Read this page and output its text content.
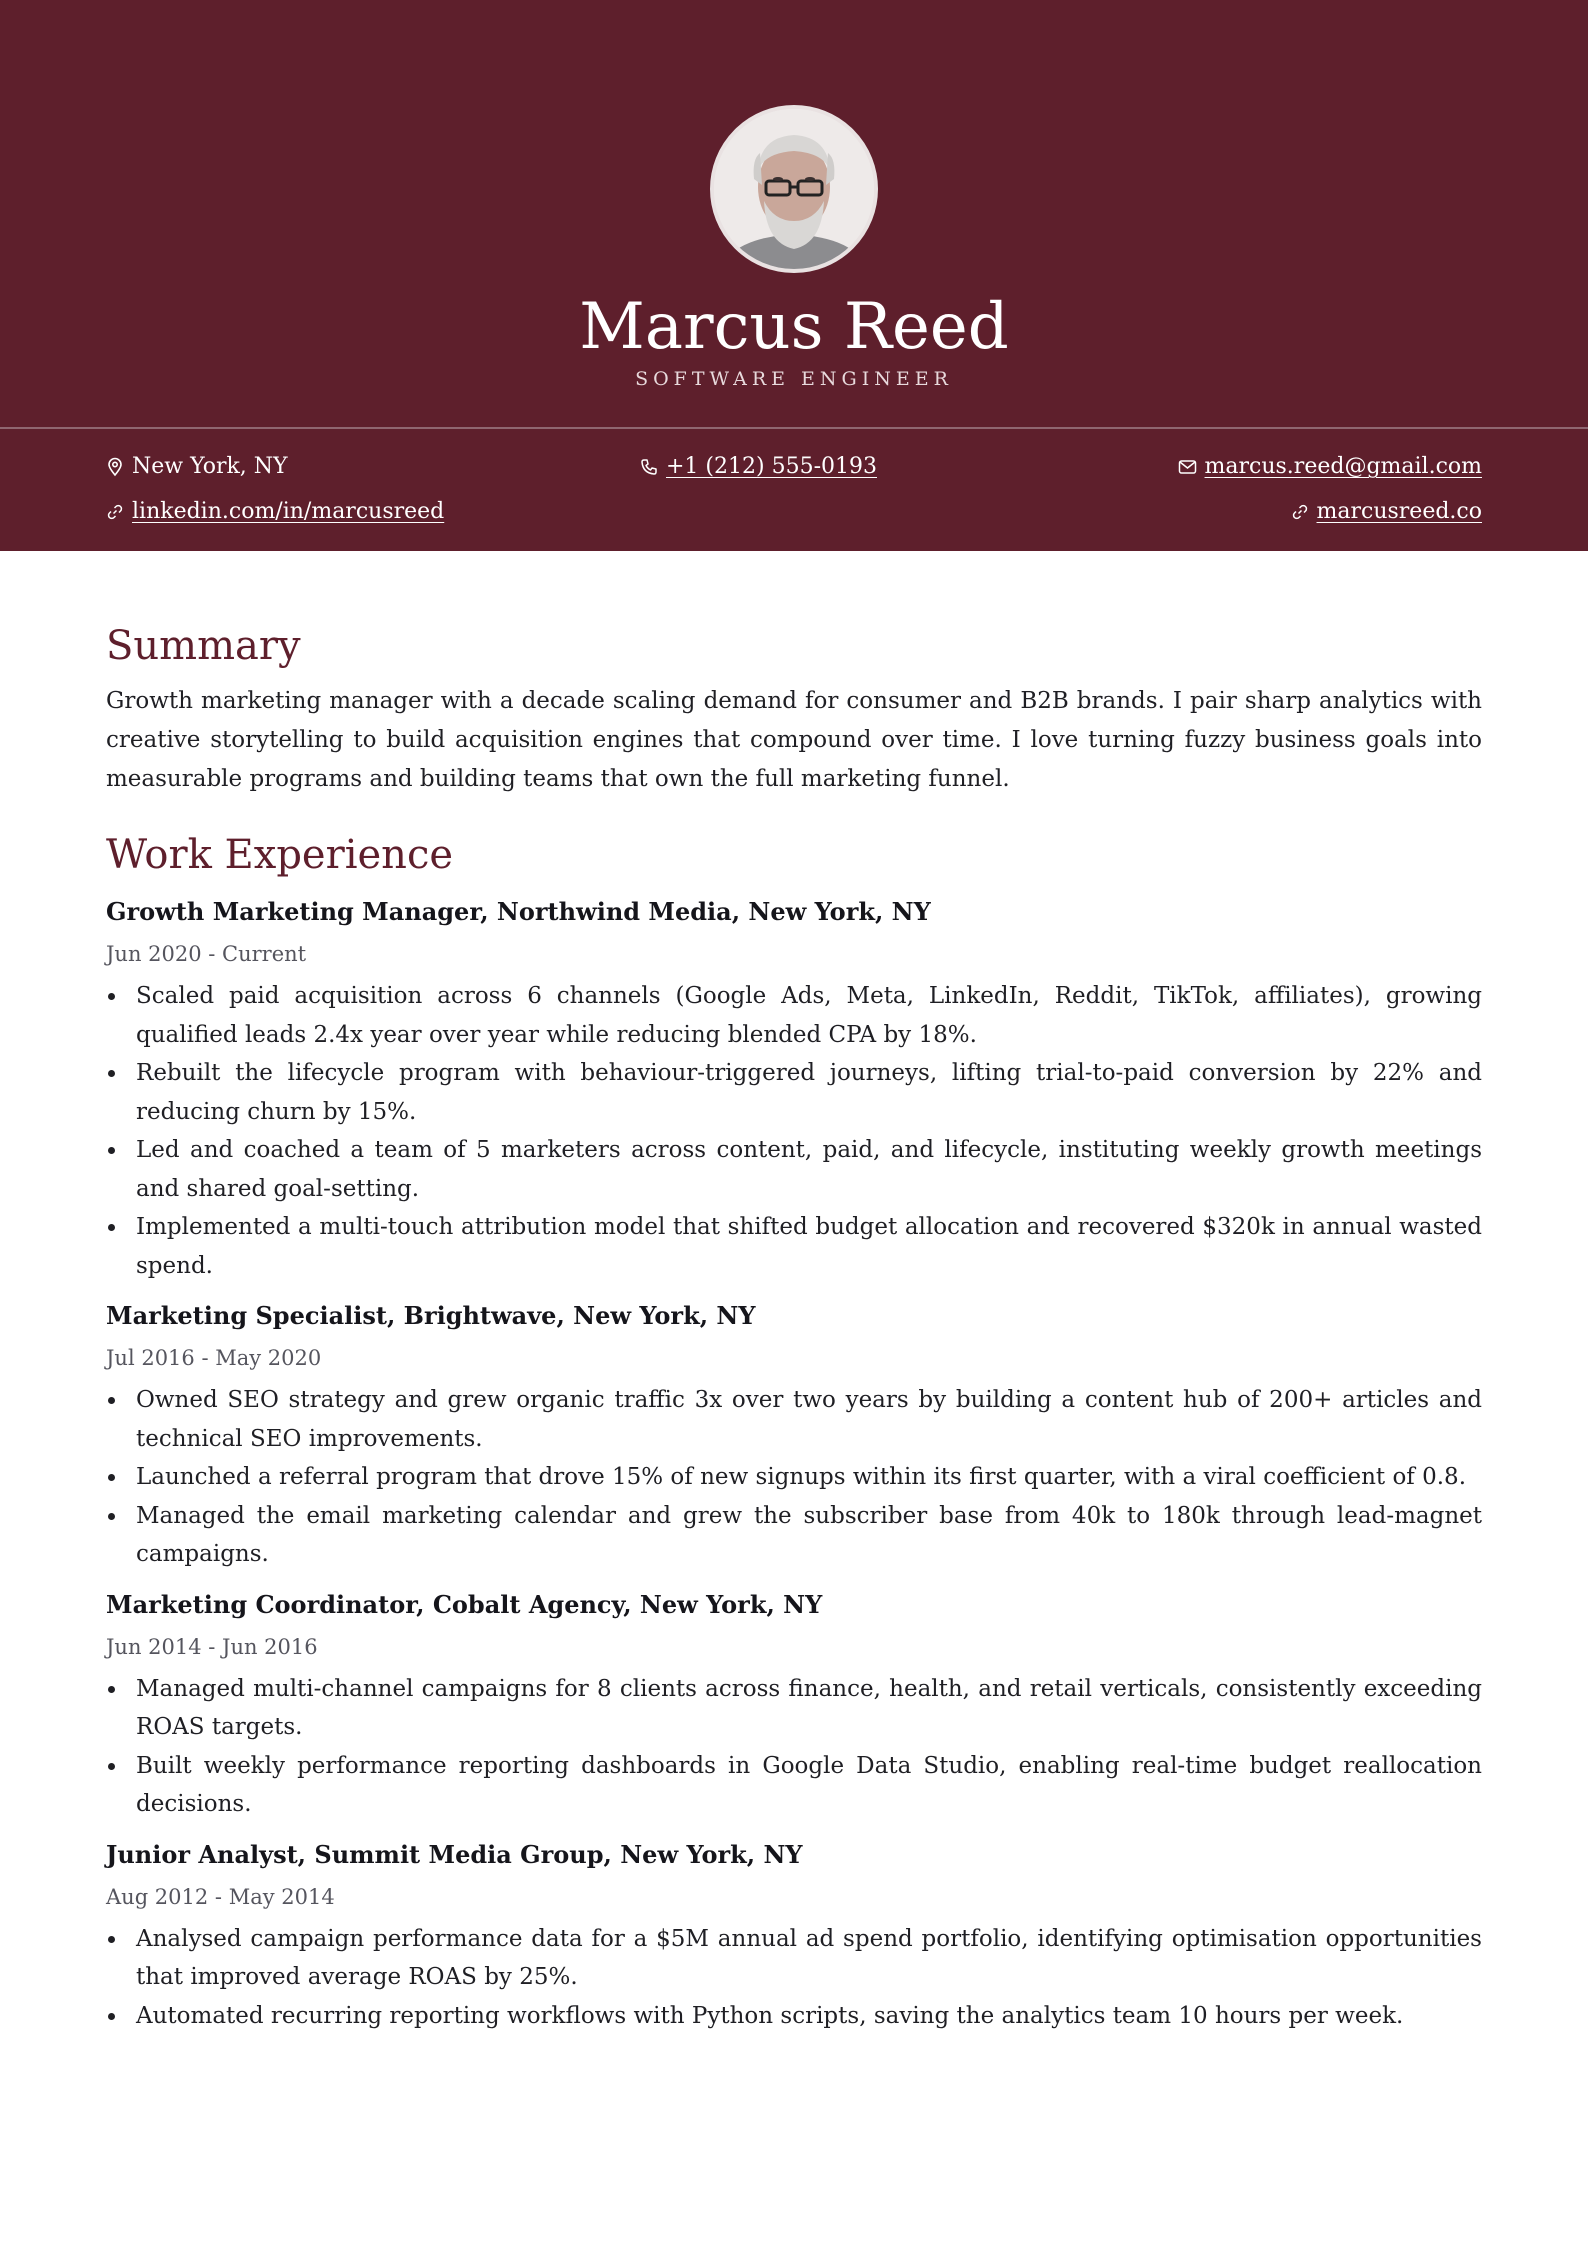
Marcus Reed
SOFTWARE ENGINEER
New York, NY	+1 (212) 555-0193	marcus.reed@gmail.com
linkedin.com/in/marcusreed	marcusreed.co
Summary

Growth marketing manager with a decade scaling demand for consumer and B2B brands. I pair sharp analytics with creative storytelling to build acquisition engines that compound over time. I love turning fuzzy business goals into measurable programs and building teams that own the full marketing funnel.

Work Experience

Growth Marketing Manager, Northwind Media, New York, NY

Jun 2020 - Current

Scaled paid acquisition across 6 channels (Google Ads, Meta, LinkedIn, Reddit, TikTok, affiliates), growing qualified leads 2.4x year over year while reducing blended CPA by 18%.
Rebuilt the lifecycle program with behaviour-triggered journeys, lifting trial-to-paid conversion by 22% and reducing churn by 15%.
Led and coached a team of 5 marketers across content, paid, and lifecycle, instituting weekly growth meetings and shared goal-setting.
Implemented a multi-touch attribution model that shifted budget allocation and recovered $320k in annual wasted spend.

Marketing Specialist, Brightwave, New York, NY

Jul 2016 - May 2020

Owned SEO strategy and grew organic traffic 3x over two years by building a content hub of 200+ articles and technical SEO improvements.
Launched a referral program that drove 15% of new signups within its first quarter, with a viral coefficient of 0.8.
Managed the email marketing calendar and grew the subscriber base from 40k to 180k through lead-magnet campaigns.

Marketing Coordinator, Cobalt Agency, New York, NY

Jun 2014 - Jun 2016

Managed multi-channel campaigns for 8 clients across finance, health, and retail verticals, consistently exceeding ROAS targets.
Built weekly performance reporting dashboards in Google Data Studio, enabling real-time budget reallocation decisions.

Junior Analyst, Summit Media Group, New York, NY

Aug 2012 - May 2014

Analysed campaign performance data for a $5M annual ad spend portfolio, identifying optimisation opportunities that improved average ROAS by 25%.
Automated recurring reporting workflows with Python scripts, saving the analytics team 10 hours per week.
